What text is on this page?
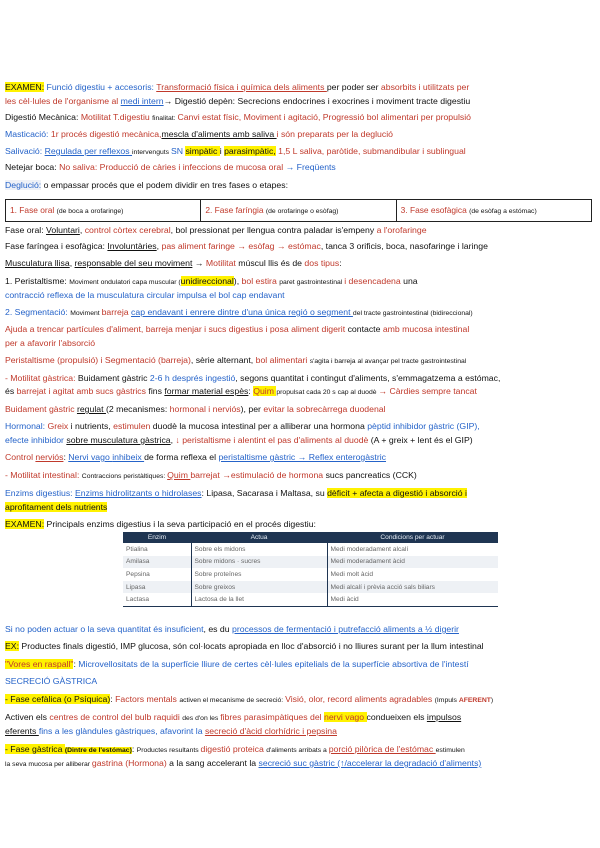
EXAMEN: Funció digestiu + accesoris: Transformació física i química dels aliments per poder ser absorbits i utilitzats per
les cèl·lules de l'organisme al medi intern→ Digestió depèn: Secrecions endocrines i exocrines i moviment tracte digestiu
Digestió Mecànica: Motilitat T.digestiu finalitat: Canvi estat físic, Moviment i agitació, Progressió bol alimentari per propulsió
Masticació: 1r procés digestió mecànica,mescla d'aliments amb saliva i són preparats per la deglució
Salivació: Regulada per reflexos intervenguts SN simpàtic i parasimpàtic, 1,5 L saliva, paròtide, submandibular i sublingual
Netejar boca: No saliva: Producció de càries i infeccions de mucosa oral → Freqüents
Deglució: o empassar procés que el podem dividir en tres fases o etapes:
1. Fase oral (de boca a orofaringe)	2. Fase faríngia (de orofaringe o esòfag)	3. Fase esofàgica (de esòfag a estómac)
Fase oral: Voluntari, control còrtex cerebral, bol pressionat per llengua contra paladar is'empeny a l'orofaringe
Fase faríngea i esofàgica: Involuntàries, pas aliment faringe → esòfag → estómac, tanca 3 orificis, boca, nasofaringe i laringe
Musculatura llisa, responsable del seu moviment → Motilitat múscul llis és de dos tipus:
1. Peristaltisme: Moviment ondulatori capa muscular (unidireccional), bol estira paret gastrointestinal i desencadena una
contracció reflexa de la musculatura circular impulsa el bol cap endavant
2. Segmentació: Moviment barreja cap endavant i enrere dintre d'una única regió o segment del tracte gastrointestinal (bidireccional)
Ajuda a trencar partícules d'aliment, barreja menjar i sucs digestius i posa aliment digerit contacte amb mucosa intestinal
per a afavorir l'absorció
Peristaltisme (propulsió) i Segmentació (barreja), sèrie alternant, bol alimentari s'agita i barreja al avançar pel tracte gastrointestinal
- Motilitat gàstrica: Buidament gàstric 2-6 h després ingestió, segons quantitat i contingut d'aliments, s'emmagatzema a estómac,
és barrejat i agitat amb sucs gàstrics fins formar material espès: Quim propulsat cada 20 s cap al duodè → Càrdies sempre tancat
Buidament gàstric regulat (2 mecanismes: hormonal i nerviós), per evitar la sobrecàrrega duodenal
Hormonal: Greix i nutrients, estimulen duodè la mucosa intestinal per a alliberar una hormona pèptid inhibidor gàstric (GIP),
efecte inhibidor sobre musculatura gàstrica, ↓ peristaltisme i alentint el pas d'aliments al duodè (A + greix + lent és el GIP)
Control nerviós: Nervi vago inhibeix de forma reflexa el peristaltisme gàstric → Reflex enterogàstric
- Motilitat intestinal: Contraccions peristàltiques: Quim barrejat →estimulació de hormona sucs pancreatics (CCK)
Enzims digestius: Enzims hidrolitzants o hidrolases: Lipasa, Sacarasa i Maltasa, su dèficit + afecta a digestió i absorció i
aprofitament dels nutrients
EXAMEN: Principals enzims digestius i la seva participació en el procés digestiu:
Enzim	Actua	Condicions per actuar
Ptialina	Sobre els midons	Medi moderadament alcalí
Amilasa	Sobre midons · sucres	Medi moderadament àcid
Pepsina	Sobre proteïnes	Medi molt àcid
Lipasa	Sobre greixos	Medi alcalí i prèvia acció sals biliars
Lactasa	Lactosa de la llet	Medi àcid
Si no poden actuar o la seva quantitat és insuficient, es du processos de fermentació i putrefacció aliments a ½ digerir
EX: Productes finals digestió, IMP glucosa, són col·locats apropiada en lloc d'absorció i no lliures surant per la llum intestinal
"Vores en raspall": Microvellositats de la superfície lliure de certes cèl·lules epitelials de la superfície absortiva de l'intestí
SECRECIÓ GÀSTRICA
- Fase cefàlica (o Psíquica): Factors mentals activen el mecanisme de secreció: Visió, olor, record aliments agradables (Impuls AFERENT)
Activen els centres de control del bulb raquidi des d'on les fibres parasimpàtiques del nervi vago condueixen els impulsos
eferents fins a les glàndules gàstriques, afavorint la secreció d'àcid clorhídric i pepsina
- Fase gàstrica (Dintre de l'estómac): Productes resultants digestió proteica d'aliments arribats a porció pilòrica de l'estómac estimulen
la seva mucosa per alliberar gastrina (Hormona) a la sang accelerant la secreció suc gàstric (↑/accelerar la degradació d'aliments)
